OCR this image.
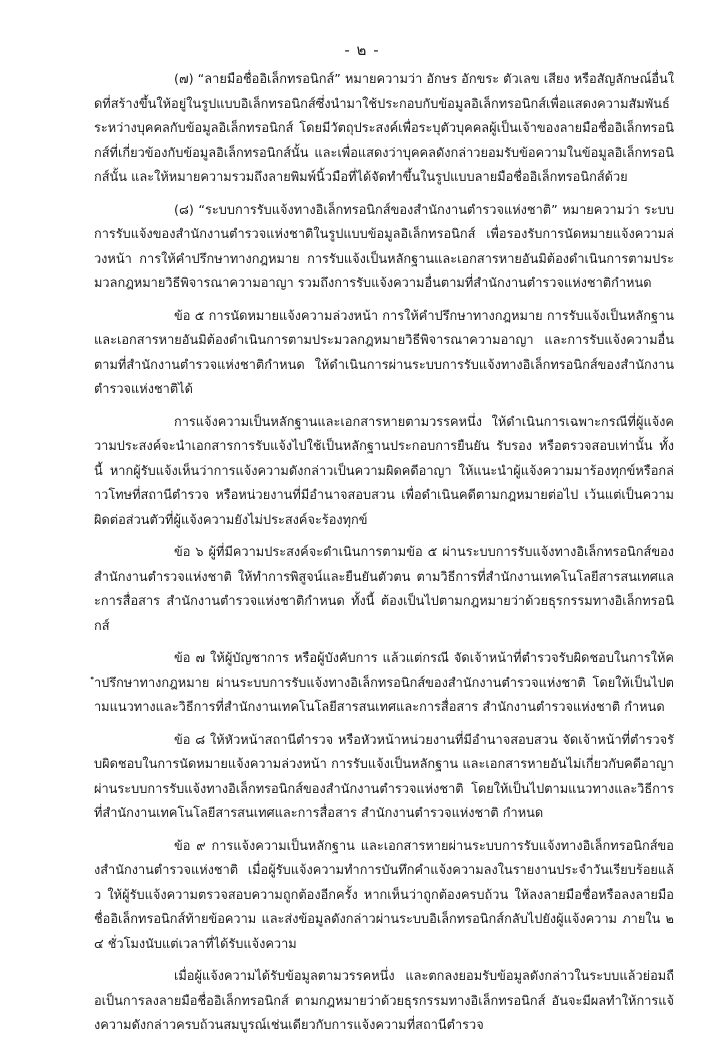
- ๒ -

(๗) “ลายมือชื่ออิเล็กทรอนิกส์” หมายความว่า อักษร อักขระ ตัวเลข เสียง หรือสัญลักษณ์อื่นใดที่สร้างขึ้นให้อยู่ในรูปแบบอิเล็กทรอนิกส์ซึ่งนำมาใช้ประกอบกับข้อมูลอิเล็กทรอนิกส์เพื่อแสดงความสัมพันธ์ระหว่างบุคคลกับข้อมูลอิเล็กทรอนิกส์ โดยมีวัตถุประสงค์เพื่อระบุตัวบุคคลผู้เป็นเจ้าของลายมือชื่ออิเล็กทรอนิกส์ที่เกี่ยวข้องกับข้อมูลอิเล็กทรอนิกส์นั้น และเพื่อแสดงว่าบุคคลดังกล่าวยอมรับข้อความในข้อมูลอิเล็กทรอนิกส์นั้น และให้หมายความรวมถึงลายพิมพ์นิ้วมือที่ได้จัดทำขึ้นในรูปแบบลายมือชื่ออิเล็กทรอนิกส์ด้วย

(๘) “ระบบการรับแจ้งทางอิเล็กทรอนิกส์ของสำนักงานตำรวจแห่งชาติ” หมายความว่า ระบบการรับแจ้งของสำนักงานตำรวจแห่งชาติในรูปแบบข้อมูลอิเล็กทรอนิกส์ เพื่อรองรับการนัดหมายแจ้งความล่วงหน้า การให้คำปรึกษาทางกฎหมาย การรับแจ้งเป็นหลักฐานและเอกสารหายอันมิต้องดำเนินการตามประมวลกฎหมายวิธีพิจารณาความอาญา รวมถึงการรับแจ้งความอื่นตามที่สำนักงานตำรวจแห่งชาติกำหนด

ข้อ ๕ การนัดหมายแจ้งความล่วงหน้า การให้คำปรึกษาทางกฎหมาย การรับแจ้งเป็นหลักฐานและเอกสารหายอันมิต้องดำเนินการตามประมวลกฎหมายวิธีพิจารณาความอาญา และการรับแจ้งความอื่นตามที่สำนักงานตำรวจแห่งชาติกำหนด ให้ดำเนินการผ่านระบบการรับแจ้งทางอิเล็กทรอนิกส์ของสำนักงานตำรวจแห่งชาติได้

การแจ้งความเป็นหลักฐานและเอกสารหายตามวรรคหนึ่ง ให้ดำเนินการเฉพาะกรณีที่ผู้แจ้งความประสงค์จะนำเอกสารการรับแจ้งไปใช้เป็นหลักฐานประกอบการยืนยัน รับรอง หรือตรวจสอบเท่านั้น ทั้งนี้ หากผู้รับแจ้งเห็นว่าการแจ้งความดังกล่าวเป็นความผิดคดีอาญา ให้แนะนำผู้แจ้งความมาร้องทุกข์หรือกล่าวโทษที่สถานีตำรวจ หรือหน่วยงานที่มีอำนาจสอบสวน เพื่อดำเนินคดีตามกฎหมายต่อไป เว้นแต่เป็นความผิดต่อส่วนตัวที่ผู้แจ้งความยังไม่ประสงค์จะร้องทุกข์

ข้อ ๖ ผู้ที่มีความประสงค์จะดำเนินการตามข้อ ๕ ผ่านระบบการรับแจ้งทางอิเล็กทรอนิกส์ของสำนักงานตำรวจแห่งชาติ ให้ทำการพิสูจน์และยืนยันตัวตน ตามวิธีการที่สำนักงานเทคโนโลยีสารสนเทศและการสื่อสาร สำนักงานตำรวจแห่งชาติกำหนด ทั้งนี้ ต้องเป็นไปตามกฎหมายว่าด้วยธุรกรรมทางอิเล็กทรอนิกส์

ข้อ ๗ ให้ผู้บัญชาการ หรือผู้บังคับการ แล้วแต่กรณี จัดเจ้าหน้าที่ตำรวจรับผิดชอบในการให้คำปรึกษาทางกฎหมาย ผ่านระบบการรับแจ้งทางอิเล็กทรอนิกส์ของสำนักงานตำรวจแห่งชาติ โดยให้เป็นไปตามแนวทางและวิธีการที่สำนักงานเทคโนโลยีสารสนเทศและการสื่อสาร สำนักงานตำรวจแห่งชาติ กำหนด

ข้อ ๘ ให้หัวหน้าสถานีตำรวจ หรือหัวหน้าหน่วยงานที่มีอำนาจสอบสวน จัดเจ้าหน้าที่ตำรวจรับผิดชอบในการนัดหมายแจ้งความล่วงหน้า การรับแจ้งเป็นหลักฐาน และเอกสารหายอันไม่เกี่ยวกับคดีอาญาผ่านระบบการรับแจ้งทางอิเล็กทรอนิกส์ของสำนักงานตำรวจแห่งชาติ โดยให้เป็นไปตามแนวทางและวิธีการที่สำนักงานเทคโนโลยีสารสนเทศและการสื่อสาร สำนักงานตำรวจแห่งชาติ กำหนด

ข้อ ๙ การแจ้งความเป็นหลักฐาน และเอกสารหายผ่านระบบการรับแจ้งทางอิเล็กทรอนิกส์ของสำนักงานตำรวจแห่งชาติ เมื่อผู้รับแจ้งความทำการบันทึกคำแจ้งความลงในรายงานประจำวันเรียบร้อยแล้ว ให้ผู้รับแจ้งความตรวจสอบความถูกต้องอีกครั้ง หากเห็นว่าถูกต้องครบถ้วน ให้ลงลายมือชื่อหรือลงลายมือชื่ออิเล็กทรอนิกส์ท้ายข้อความ และส่งข้อมูลดังกล่าวผ่านระบบอิเล็กทรอนิกส์กลับไปยังผู้แจ้งความ ภายใน ๒๔ ชั่วโมงนับแต่เวลาที่ได้รับแจ้งความ

เมื่อผู้แจ้งความได้รับข้อมูลตามวรรคหนึ่ง และตกลงยอมรับข้อมูลดังกล่าวในระบบแล้วย่อมถือเป็นการลงลายมือชื่ออิเล็กทรอนิกส์ ตามกฎหมายว่าด้วยธุรกรรมทางอิเล็กทรอนิกส์ อันจะมีผลทำให้การแจ้งความดังกล่าวครบถ้วนสมบูรณ์เช่นเดียวกับการแจ้งความที่สถานีตำรวจ
